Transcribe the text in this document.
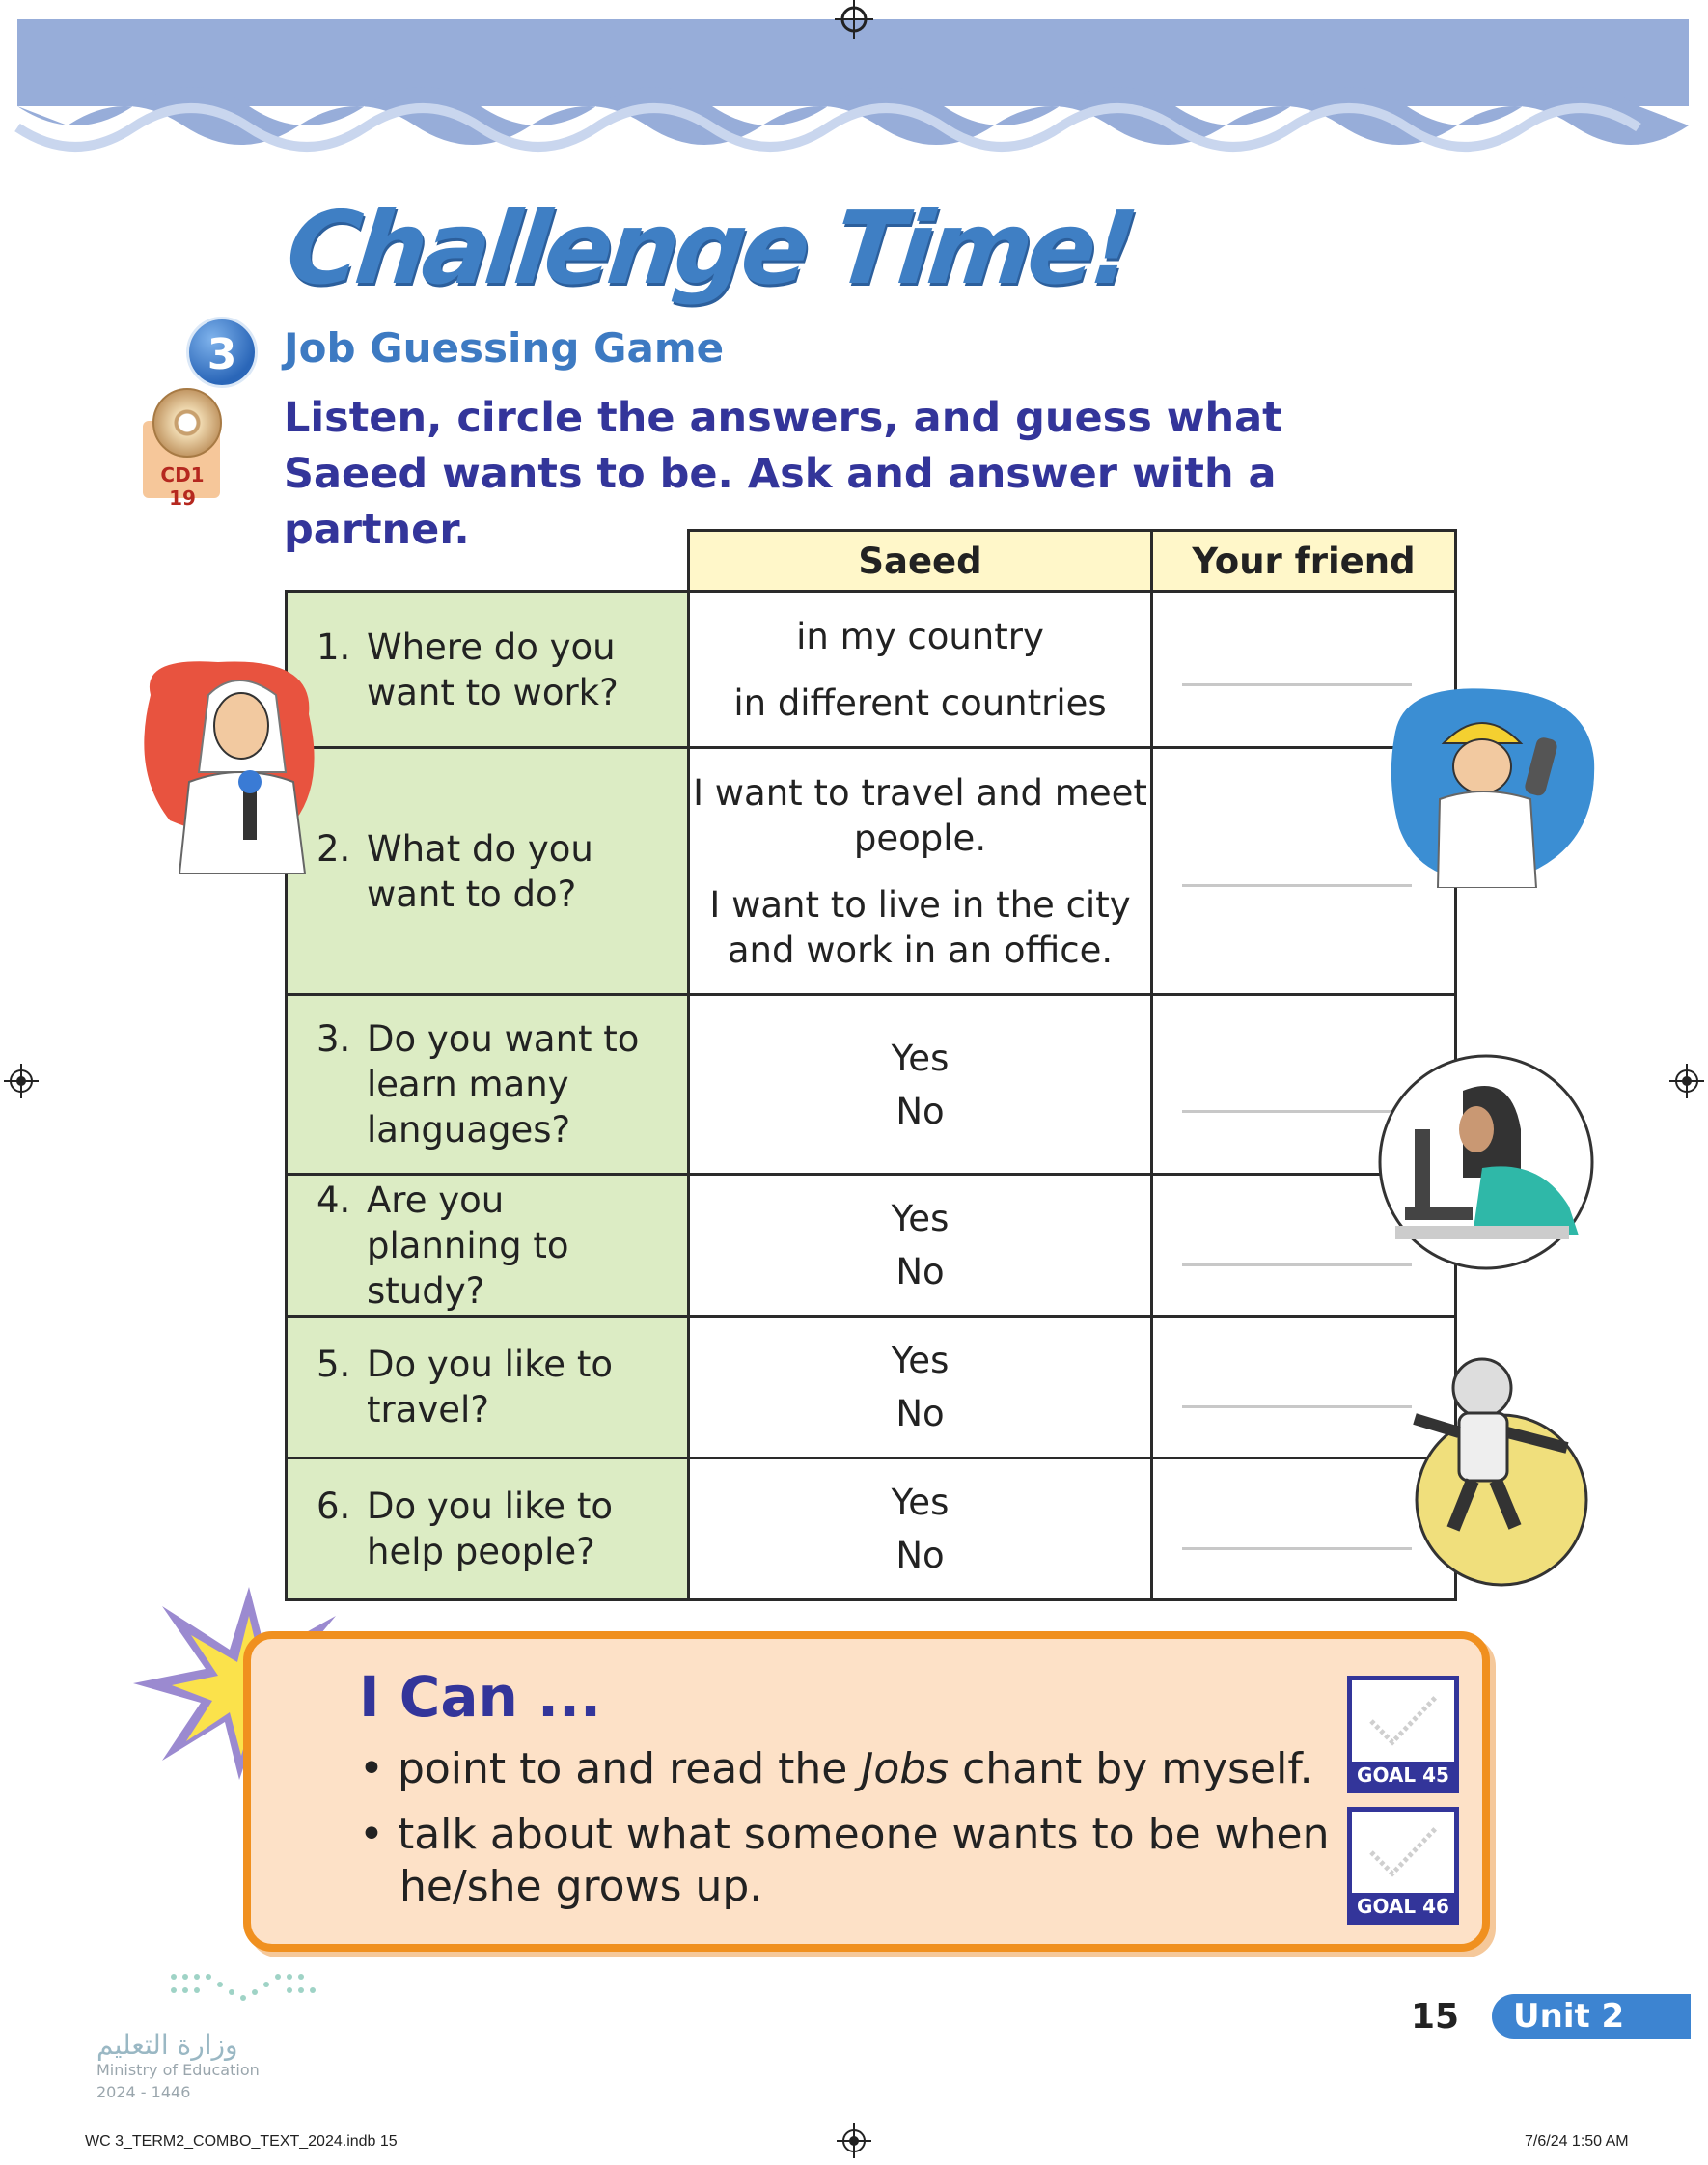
Challenge Time!
3	Job Guessing Game
CD1 19
Listen, circle the answers, and guess what Saeed wants to be. Ask and answer with a partner.
	Saeed	Your friend

1. Where do you want to work?	in my country
in different countries	

2. What do you want to do?	I want to travel and meet people.
I want to live in the city and work in an office.	

3. Do you want to learn many languages?	Yes
No	

4. Are you planning to study?	Yes
No	

5. Do you like to travel?	Yes
No	

6. Do you like to help people?	Yes
No	

I Can ...
• point to and read the Jobs chant by myself.
• talk about what someone wants to be when
he/she grows up.
GOAL 45
GOAL 46
15	Unit 2
وزارة التعليم
Ministry of Education
2024 - 1446
WC 3_TERM2_COMBO_TEXT_2024.indb 15	7/6/24 1:50 AM
